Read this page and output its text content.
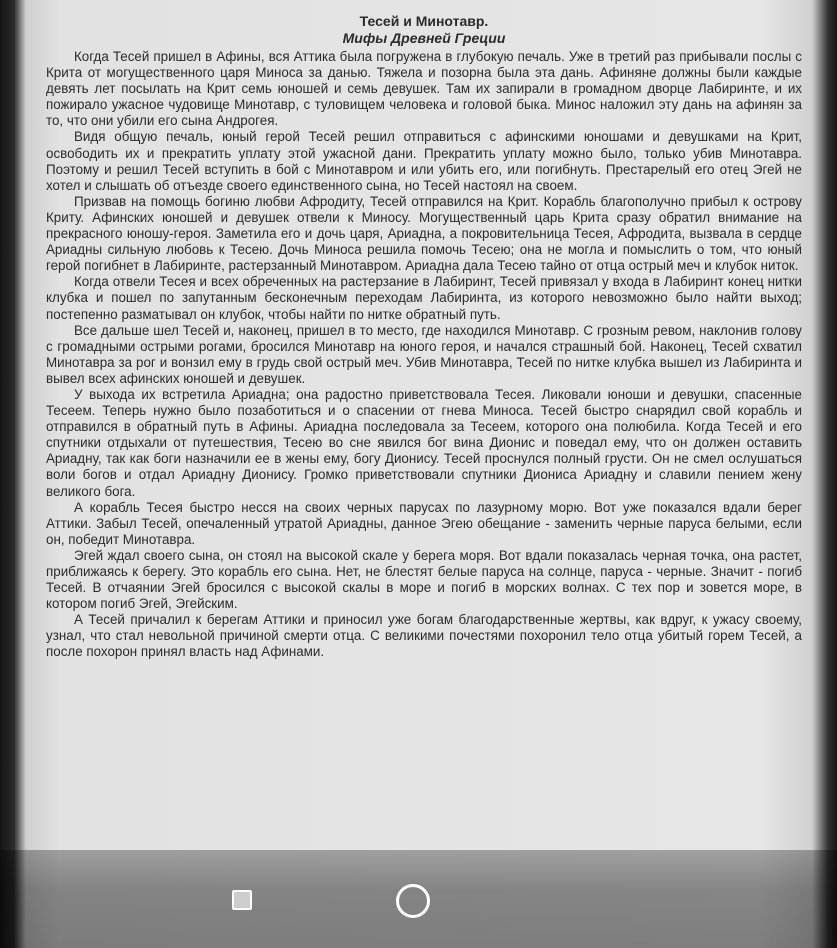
Тесей и Минотавр.
Мифы Древней Греции

Когда Тесей пришел в Афины, вся Аттика была погружена в глубокую печаль. Уже в третий раз прибывали послы с Крита от могущественного царя Миноса за данью. Тяжела и позорна была эта дань. Афиняне должны были каждые девять лет посылать на Крит семь юношей и семь девушек. Там их запирали в громадном дворце Лабиринте, и их пожирало ужасное чудовище Минотавр, с туловищем человека и головой быка. Минос наложил эту дань на афинян за то, что они убили его сына Андрогея.

Видя общую печаль, юный герой Тесей решил отправиться с афинскими юношами и девушками на Крит, освободить их и прекратить уплату этой ужасной дани. Прекратить уплату можно было, только убив Минотавра. Поэтому и решил Тесей вступить в бой с Минотавром и или убить его, или погибнуть. Престарелый его отец Эгей не хотел и слышать об отъезде своего единственного сына, но Тесей настоял на своем.

Призвав на помощь богиню любви Афродиту, Тесей отправился на Крит. Корабль благополучно прибыл к острову Криту. Афинских юношей и девушек отвели к Миносу. Могущественный царь Крита сразу обратил внимание на прекрасного юношу-героя. Заметила его и дочь царя, Ариадна, а покровительница Тесея, Афродита, вызвала в сердце Ариадны сильную любовь к Тесею. Дочь Миноса решила помочь Тесею; она не могла и помыслить о том, что юный герой погибнет в Лабиринте, растерзанный Минотавром. Ариадна дала Тесею тайно от отца острый меч и клубок ниток.

Когда отвели Тесея и всех обреченных на растерзание в Лабиринт, Тесей привязал у входа в Лабиринт конец нитки клубка и пошел по запутанным бесконечным переходам Лабиринта, из которого невозможно было найти выход; постепенно разматывал он клубок, чтобы найти по нитке обратный путь.

Все дальше шел Тесей и, наконец, пришел в то место, где находился Минотавр. С грозным ревом, наклонив голову с громадными острыми рогами, бросился Минотавр на юного героя, и начался страшный бой. Наконец, Тесей схватил Минотавра за рог и вонзил ему в грудь свой острый меч. Убив Минотавра, Тесей по нитке клубка вышел из Лабиринта и вывел всех афинских юношей и девушек.

У выхода их встретила Ариадна; она радостно приветствовала Тесея. Ликовали юноши и девушки, спасенные Тесеем. Теперь нужно было позаботиться и о спасении от гнева Миноса. Тесей быстро снарядил свой корабль и отправился в обратный путь в Афины. Ариадна последовала за Тесеем, которого она полюбила. Когда Тесей и его спутники отдыхали от путешествия, Тесею во сне явился бог вина Дионис и поведал ему, что он должен оставить Ариадну, так как боги назначили ее в жены ему, богу Дионису. Тесей проснулся полный грусти. Он не смел ослушаться воли богов и отдал Ариадну Дионису. Громко приветствовали спутники Диониса Ариадну и славили пением жену великого бога.

А корабль Тесея быстро несся на своих черных парусах по лазурному морю. Вот уже показался вдали берег Аттики. Забыл Тесей, опечаленный утратой Ариадны, данное Эгею обещание - заменить черные паруса белыми, если он, победит Минотавра.

Эгей ждал своего сына, он стоял на высокой скале у берега моря. Вот вдали показалась черная точка, она растет, приближаясь к берегу. Это корабль его сына. Нет, не блестят белые паруса на солнце, паруса - черные. Значит - погиб Тесей. В отчаянии Эгей бросился с высокой скалы в море и погиб в морских волнах. С тех пор и зовется море, в котором погиб Эгей, Эгейским.

А Тесей причалил к берегам Аттики и приносил уже богам благодарственные жертвы, как вдруг, к ужасу своему, узнал, что стал невольной причиной смерти отца. С великими почестями похоронил тело отца убитый горем Тесей, а после похорон принял власть над Афинами.
